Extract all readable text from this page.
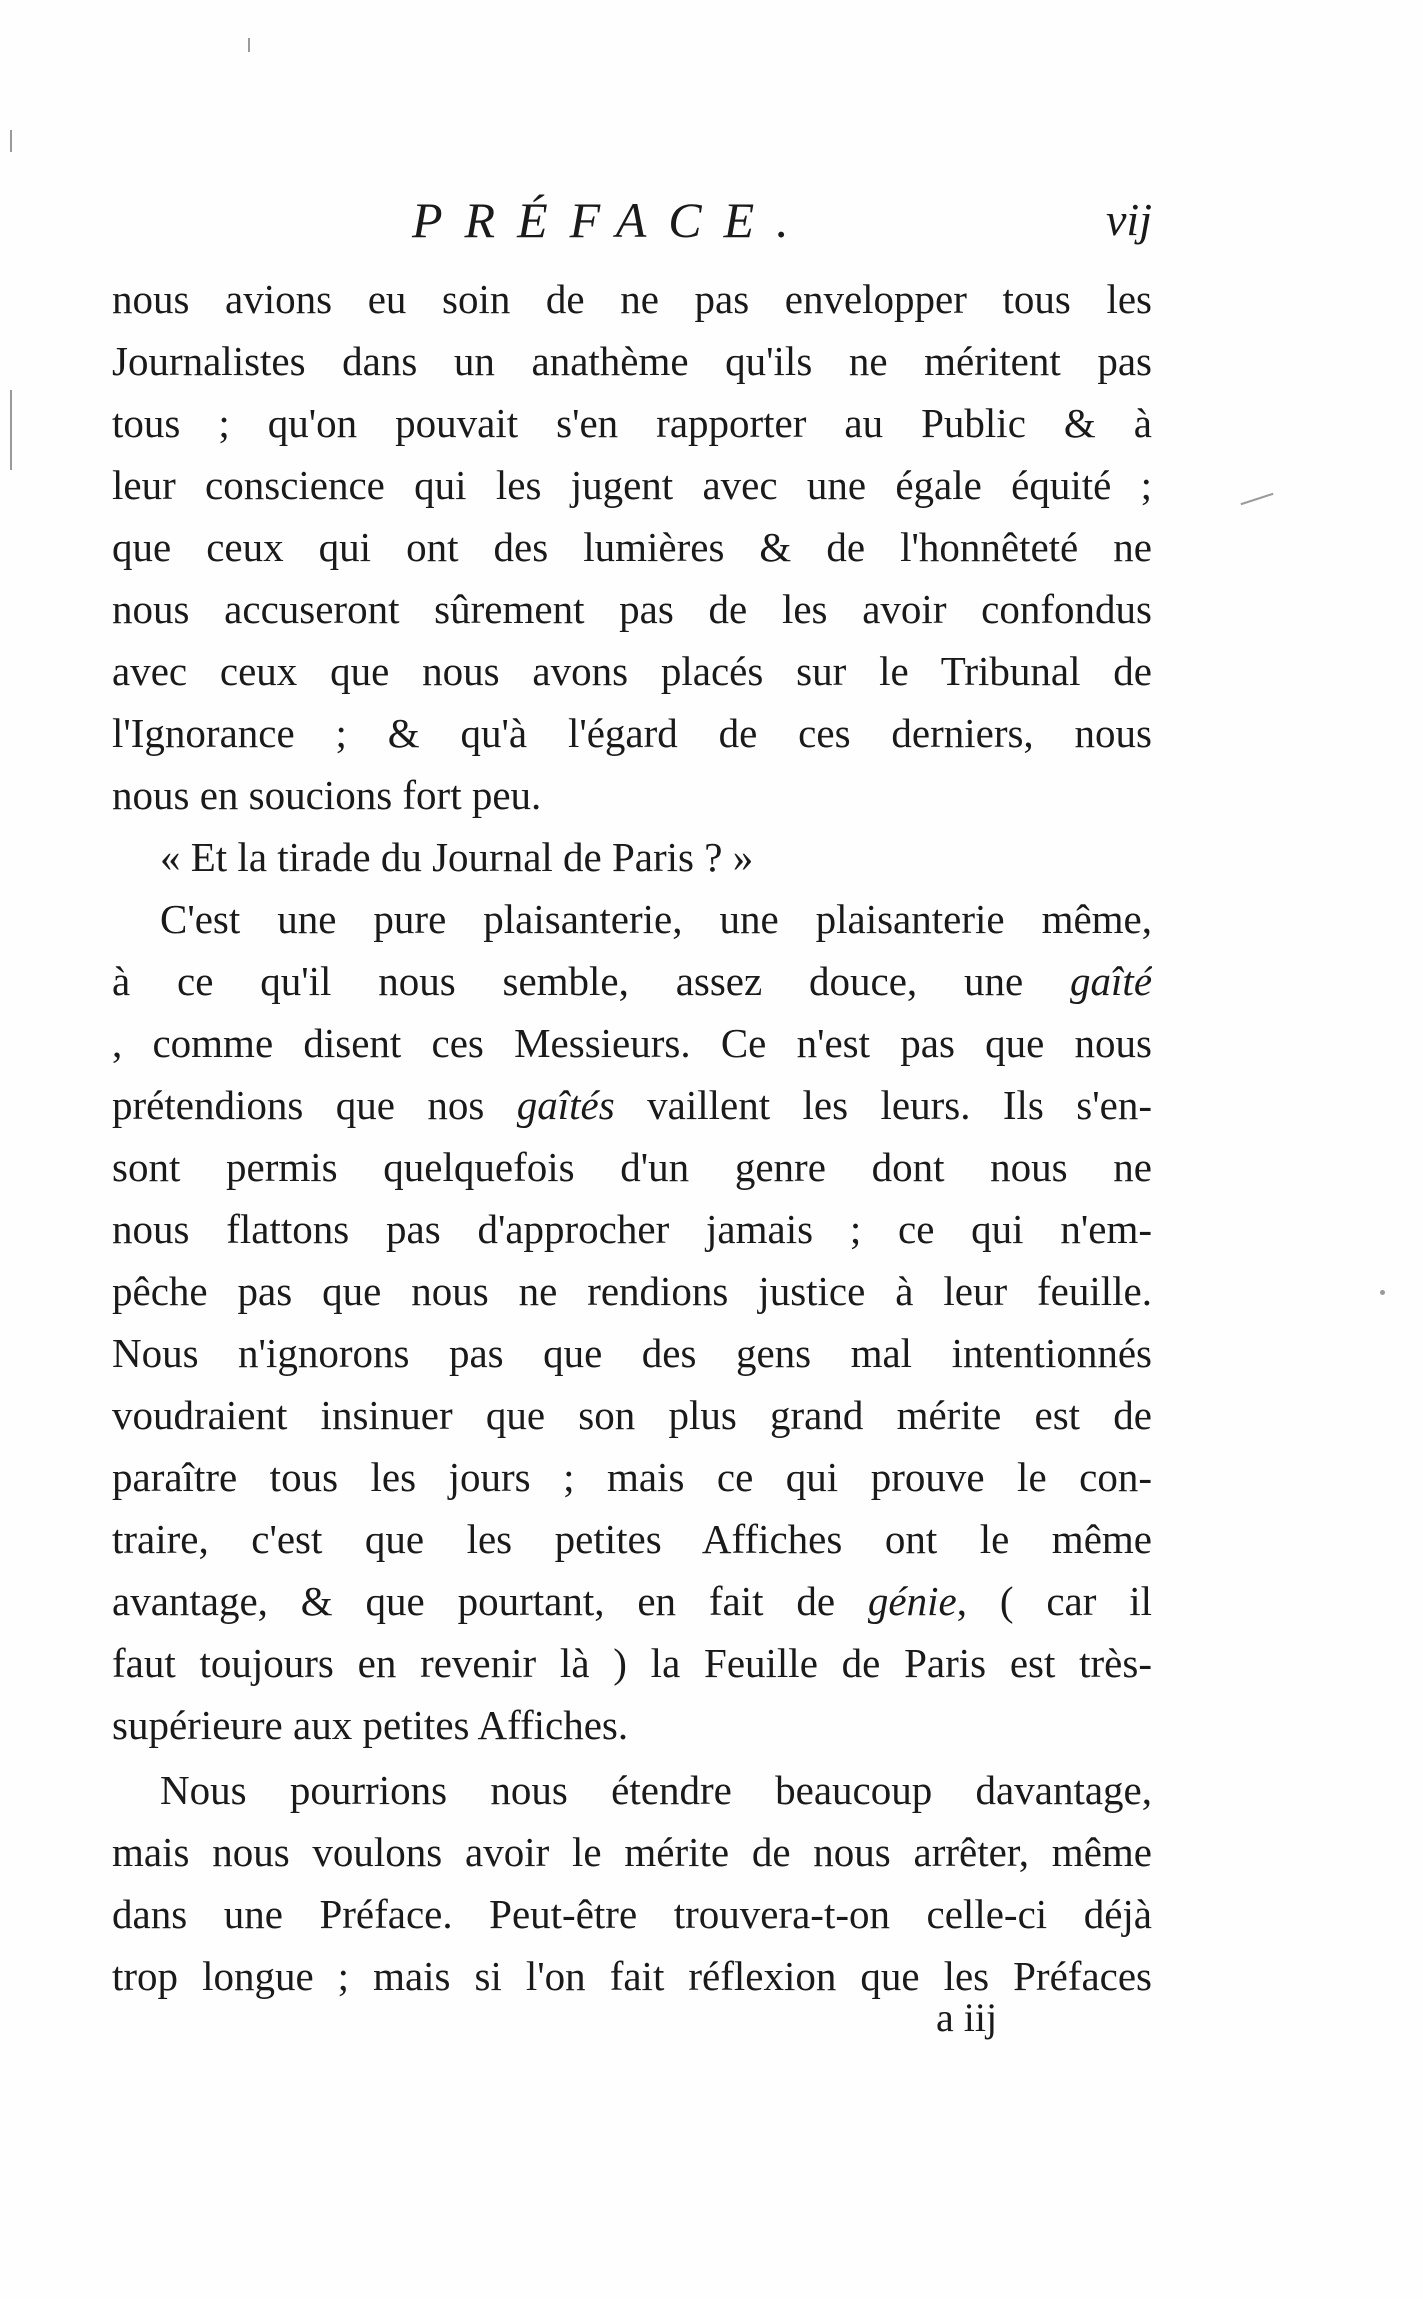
PRÉFACE.	vij
nous avions eu soin de ne pas envelopper tous les
Journalistes dans un anathème qu'ils ne méritent pas
tous ; qu'on pouvait s'en rapporter au Public & à
leur conscience qui les jugent avec une égale équité ;
que ceux qui ont des lumières & de l'honnêteté ne
nous accuseront sûrement pas de les avoir confondus
avec ceux que nous avons placés sur le Tribunal de
l'Ignorance ; & qu'à l'égard de ces derniers, nous
nous en soucions fort peu.
« Et la tirade du Journal de Paris ? »
C'est une pure plaisanterie, une plaisanterie même,
à ce qu'il nous semble, assez douce, une gaîté
, comme disent ces Messieurs. Ce n'est pas que nous
prétendions que nos gaîtés vaillent les leurs. Ils s'en-
sont permis quelquefois d'un genre dont nous ne
nous flattons pas d'approcher jamais ; ce qui n'em-
pêche pas que nous ne rendions justice à leur feuille.
Nous n'ignorons pas que des gens mal intentionnés
voudraient insinuer que son plus grand mérite est de
paraître tous les jours ; mais ce qui prouve le con-
traire, c'est que les petites Affiches ont le même
avantage, & que pourtant, en fait de génie, ( car il
faut toujours en revenir là ) la Feuille de Paris est très-
supérieure aux petites Affiches.
Nous pourrions nous étendre beaucoup davantage,
mais nous voulons avoir le mérite de nous arrêter, même
dans une Préface. Peut-être trouvera-t-on celle-ci déjà
trop longue ; mais si l'on fait réflexion que les Préfaces
a iij
